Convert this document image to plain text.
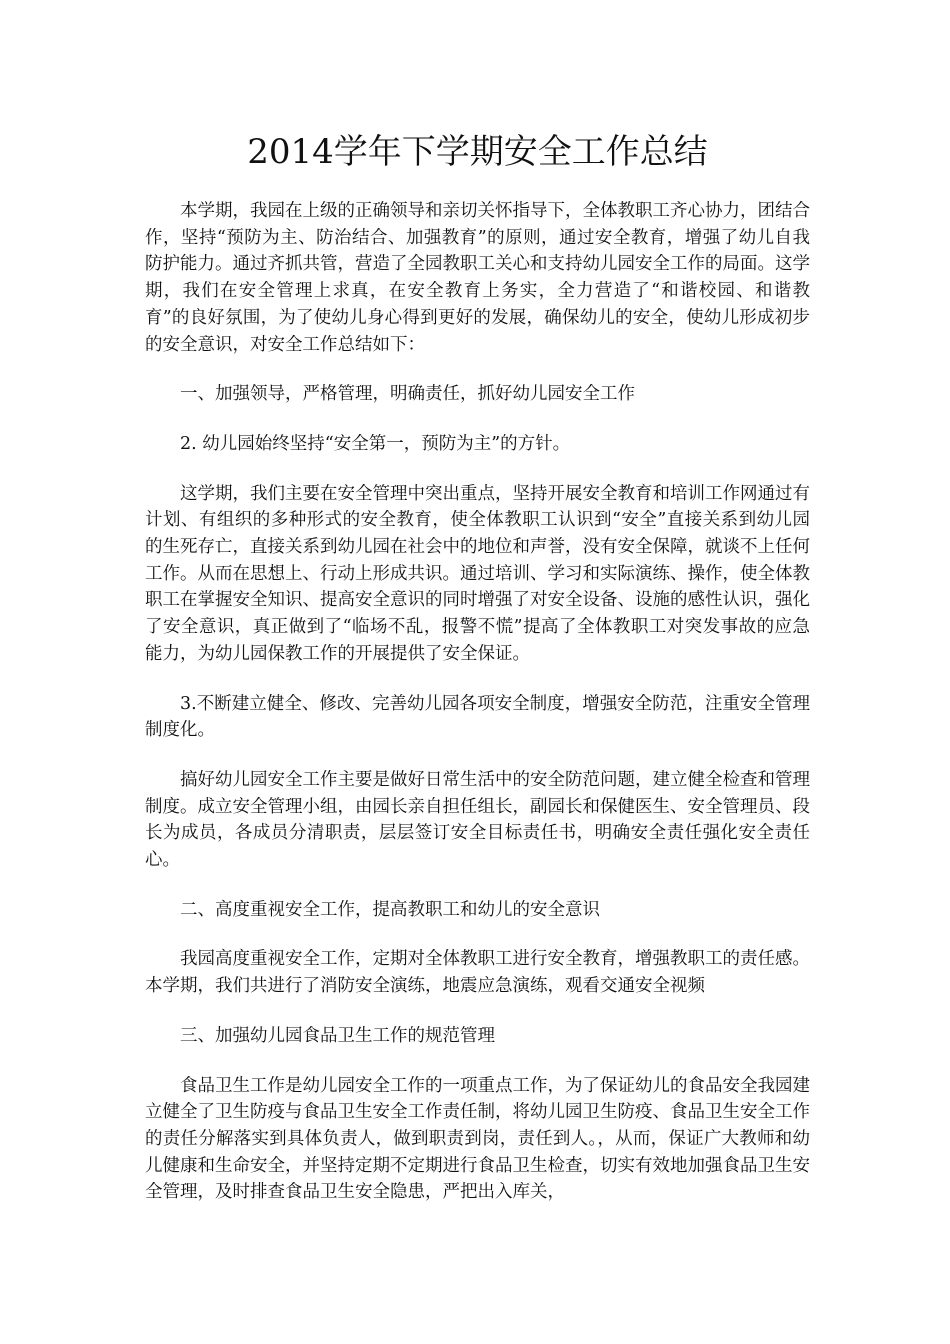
2014学年下学期安全工作总结

本学期，我园在上级的正确领导和亲切关怀指导下，全体教职工齐心协力，团结合作，坚持“预防为主、防治结合、加强教育”的原则，通过安全教育，增强了幼儿自我防护能力。通过齐抓共管，营造了全园教职工关心和支持幼儿园安全工作的局面。这学期，我们在安全管理上求真，在安全教育上务实，全力营造了“和谐校园、和谐教育”的良好氛围，为了使幼儿身心得到更好的发展，确保幼儿的安全，使幼儿形成初步的安全意识，对安全工作总结如下：

一、加强领导，严格管理，明确责任，抓好幼儿园安全工作

2. 幼儿园始终坚持“安全第一，预防为主”的方针。

这学期，我们主要在安全管理中突出重点，坚持开展安全教育和培训工作网通过有计划、有组织的多种形式的安全教育，使全体教职工认识到“安全”直接关系到幼儿园的生死存亡，直接关系到幼儿园在社会中的地位和声誉，没有安全保障，就谈不上任何工作。从而在思想上、行动上形成共识。通过培训、学习和实际演练、操作，使全体教职工在掌握安全知识、提高安全意识的同时增强了对安全设备、设施的感性认识，强化了安全意识，真正做到了“临场不乱，报警不慌”提高了全体教职工对突发事故的应急能力，为幼儿园保教工作的开展提供了安全保证。

3.不断建立健全、修改、完善幼儿园各项安全制度，增强安全防范，注重安全管理制度化。

搞好幼儿园安全工作主要是做好日常生活中的安全防范问题，建立健全检查和管理制度。成立安全管理小组，由园长亲自担任组长，副园长和保健医生、安全管理员、段长为成员，各成员分清职责，层层签订安全目标责任书，明确安全责任强化安全责任心。

二、高度重视安全工作，提高教职工和幼儿的安全意识

我园高度重视安全工作，定期对全体教职工进行安全教育，增强教职工的责任感。本学期，我们共进行了消防安全演练，地震应急演练，观看交通安全视频

三、加强幼儿园食品卫生工作的规范管理

食品卫生工作是幼儿园安全工作的一项重点工作，为了保证幼儿的食品安全我园建立健全了卫生防疫与食品卫生安全工作责任制，将幼儿园卫生防疫、食品卫生安全工作的责任分解落实到具体负责人，做到职责到岗，责任到人。，从而，保证广大教师和幼儿健康和生命安全，并坚持定期不定期进行食品卫生检查，切实有效地加强食品卫生安全管理，及时排查食品卫生安全隐患，严把出入库关，
